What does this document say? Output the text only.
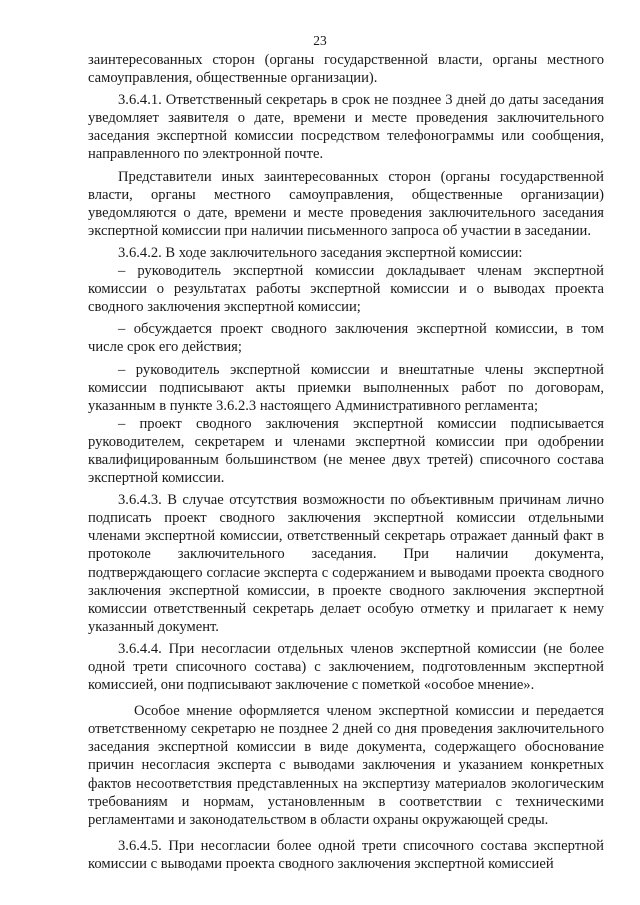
23

заинтересованных сторон (органы государственной власти, органы местного самоуправления, общественные организации).

3.6.4.1. Ответственный секретарь в срок не позднее 3 дней до даты заседания уведомляет заявителя о дате, времени и месте проведения заключительного заседания экспертной комиссии посредством телефонограммы или сообщения, направленного по электронной почте.

Представители иных заинтересованных сторон (органы государственной власти, органы местного самоуправления, общественные организации) уведомляются о дате, времени и месте проведения заключительного заседания экспертной комиссии при наличии письменного запроса об участии в заседании.

3.6.4.2. В ходе заключительного заседания экспертной комиссии:

– руководитель экспертной комиссии докладывает членам экспертной комиссии о результатах работы экспертной комиссии и о выводах проекта сводного заключения экспертной комиссии;

– обсуждается проект сводного заключения экспертной комиссии, в том числе срок его действия;

– руководитель экспертной комиссии и внештатные члены экспертной комиссии подписывают акты приемки выполненных работ по договорам, указанным в пункте 3.6.2.3 настоящего Административного регламента;

– проект сводного заключения экспертной комиссии подписывается руководителем, секретарем и членами экспертной комиссии при одобрении квалифицированным большинством (не менее двух третей) списочного состава экспертной комиссии.

3.6.4.3. В случае отсутствия возможности по объективным причинам лично подписать проект сводного заключения экспертной комиссии отдельными членами экспертной комиссии, ответственный секретарь отражает данный факт в протоколе заключительного заседания. При наличии документа, подтверждающего согласие эксперта с содержанием и выводами проекта сводного заключения экспертной комиссии, в проекте сводного заключения экспертной комиссии ответственный секретарь делает особую отметку и прилагает к нему указанный документ.

3.6.4.4. При несогласии отдельных членов экспертной комиссии (не более одной трети списочного состава) с заключением, подготовленным экспертной комиссией, они подписывают заключение с пометкой «особое мнение».

Особое мнение оформляется членом экспертной комиссии и передается ответственному секретарю не позднее 2 дней со дня проведения заключительного заседания экспертной комиссии в виде документа, содержащего обоснование причин несогласия эксперта с выводами заключения и указанием конкретных фактов несоответствия представленных на экспертизу материалов экологическим требованиям и нормам, установленным в соответствии с техническими регламентами и законодательством в области охраны окружающей среды.

3.6.4.5. При несогласии более одной трети списочного состава экспертной комиссии с выводами проекта сводного заключения экспертной комиссией
